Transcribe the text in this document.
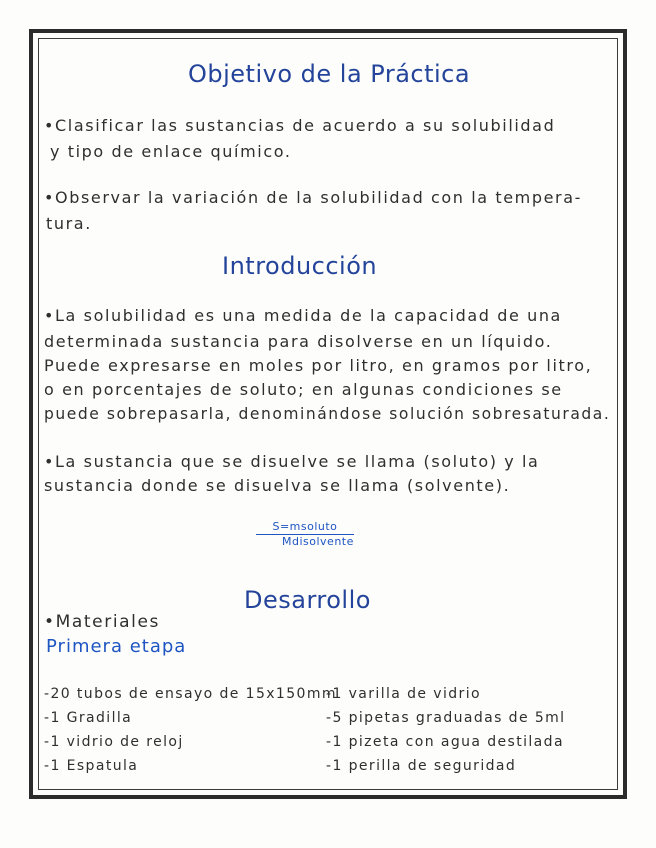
Objetivo de la Práctica
•Clasificar las sustancias de acuerdo a su solubilidad
y tipo de enlace químico.
•Observar la variación de la solubilidad con la tempera-
tura.
Introducción
•La solubilidad es una medida de la capacidad de una
determinada sustancia para disolverse en un líquido.
Puede expresarse en moles por litro, en gramos por litro,
o en porcentajes de soluto; en algunas condiciones se
puede sobrepasarla, denominándose solución sobresaturada.
•La sustancia que se disuelve se llama (soluto) y la
sustancia donde se disuelva se llama (solvente).
S=msoluto
Mdisolvente
Desarrollo
•Materiales
Primera etapa
-20 tubos de ensayo de 15x150mm
-1 Gradilla
-1 vidrio de reloj
-1 Espatula
-1 varilla de vidrio
-5 pipetas graduadas de 5ml
-1 pizeta con agua destilada
-1 perilla de seguridad
